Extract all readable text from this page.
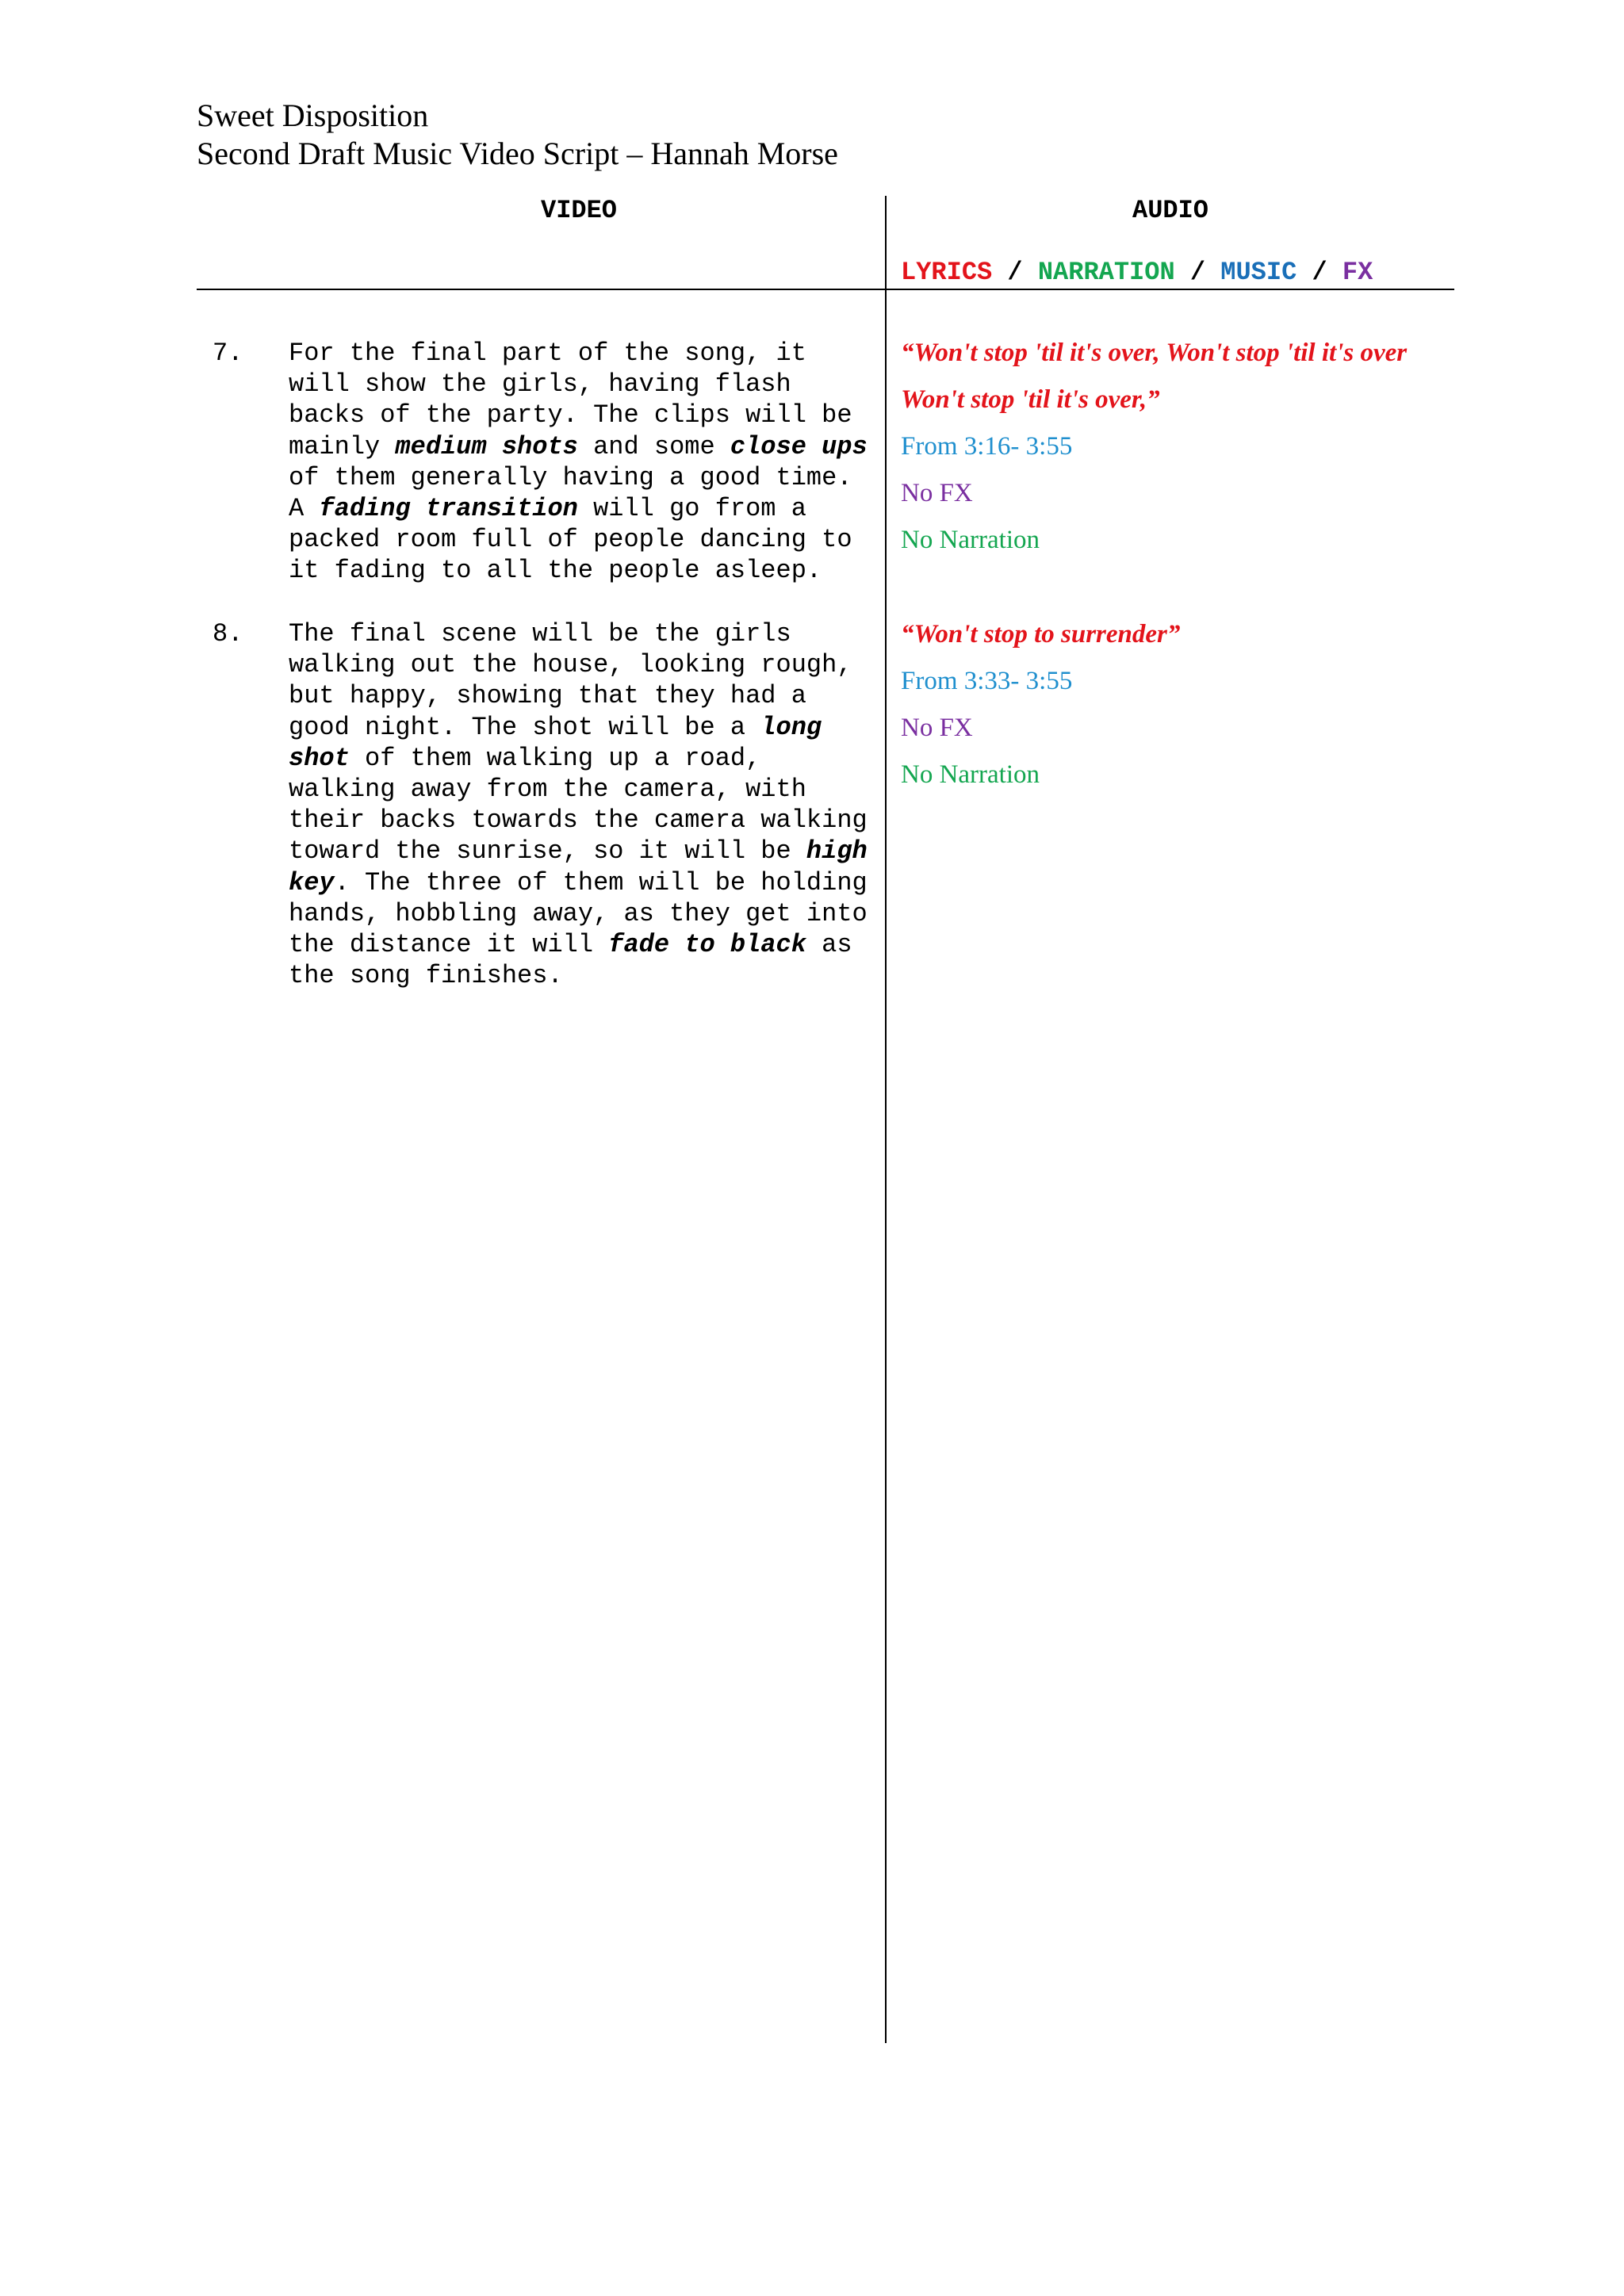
Sweet Disposition
Second Draft Music Video Script – Hannah Morse
VIDEO	AUDIO
LYRICS / NARRATION / MUSIC / FX
7. For the final part of the song, it will show the girls, having flash backs of the party. The clips will be mainly medium shots and some close ups of them generally having a good time. A fading transition will go from a packed room full of people dancing to it fading to all the people asleep.
“Won't stop 'til it's over, Won't stop 'til it's over
Won't stop 'til it's over,”
From 3:16- 3:55
No FX
No Narration
8. The final scene will be the girls walking out the house, looking rough, but happy, showing that they had a good night. The shot will be a long shot of them walking up a road, walking away from the camera, with their backs towards the camera walking toward the sunrise, so it will be high key. The three of them will be holding hands, hobbling away, as they get into the distance it will fade to black as the song finishes.
“Won't stop to surrender”
From 3:33- 3:55
No FX
No Narration
